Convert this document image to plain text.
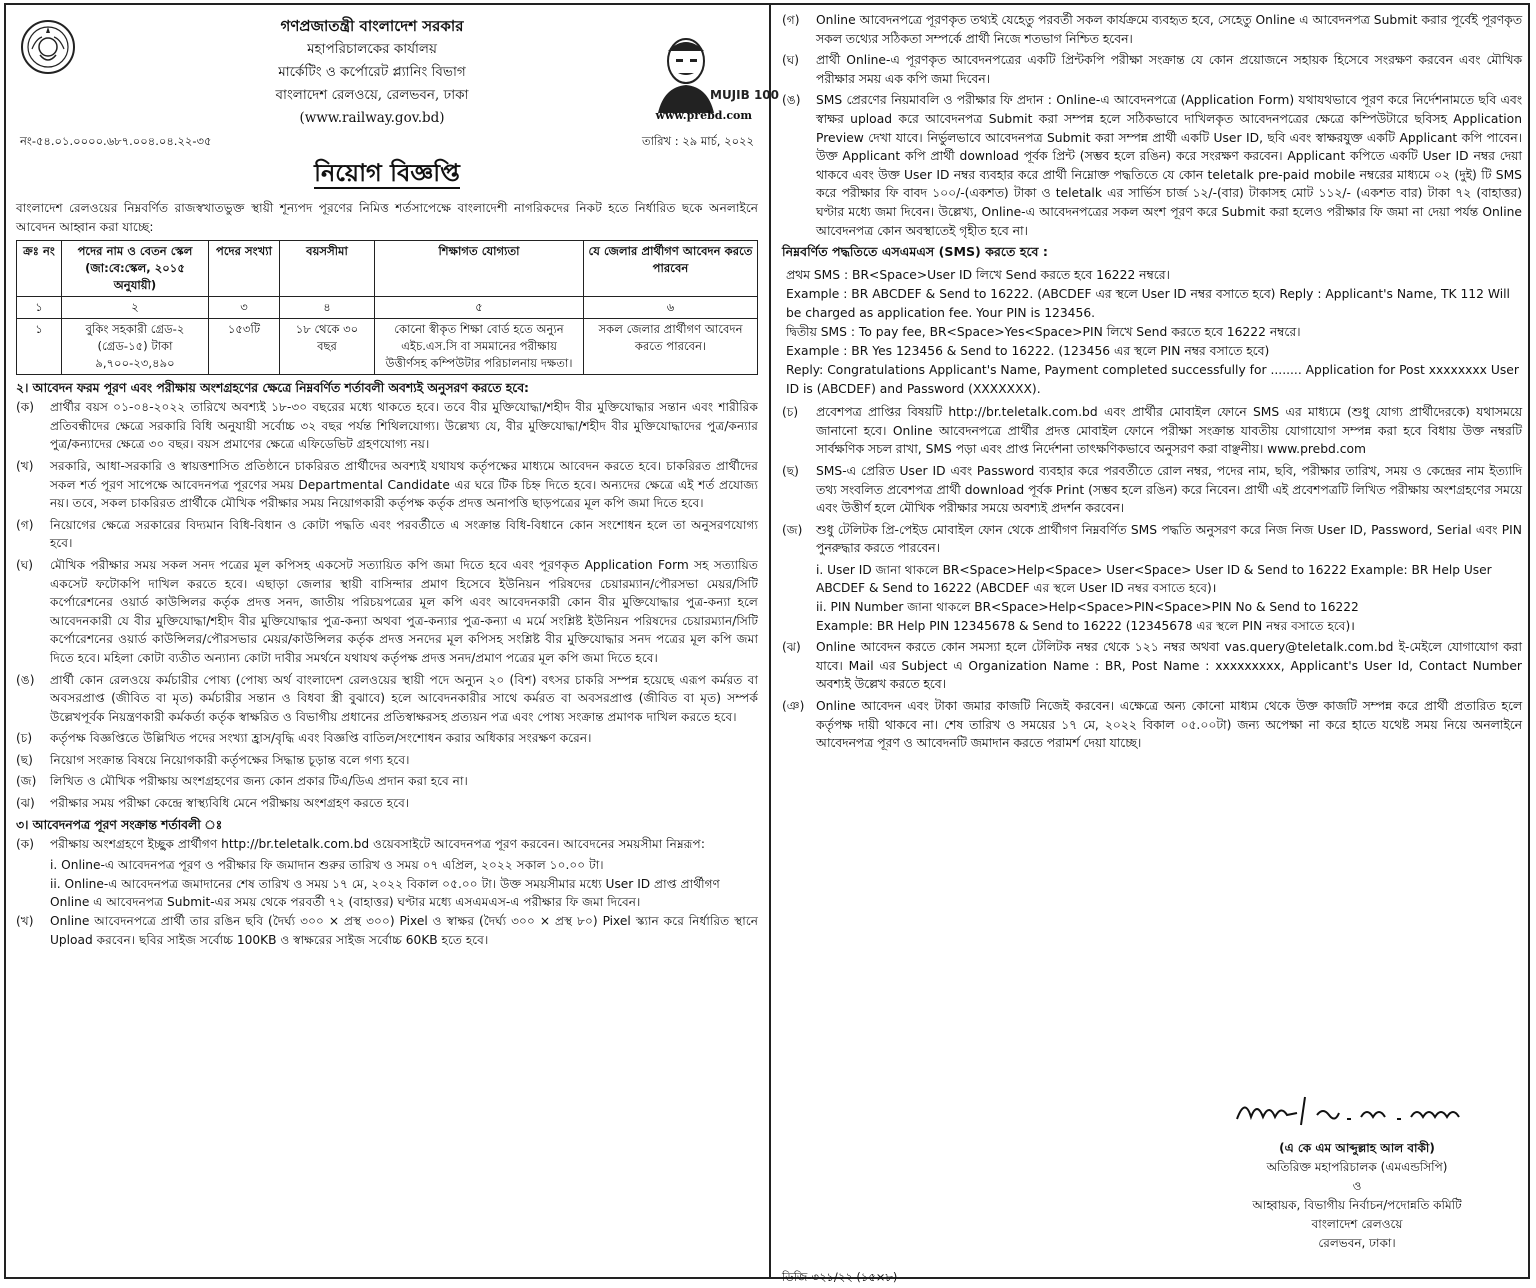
গণপ্রজাতন্ত্রী বাংলাদেশ সরকার
মহাপরিচালকের কার্যালয়
মার্কেটিং ও কর্পোরেট প্ল্যানিং বিভাগ
বাংলাদেশ রেলওয়ে, রেলভবন, ঢাকা
(www.railway.gov.bd)
MUJIB 100
www.prebd.com
নং-৫৪.০১.০০০০.৬৮৭.০০৪.০৪.২২-৩৫	তারিখ : ২৯ মার্চ, ২০২২
নিয়োগ বিজ্ঞপ্তি

বাংলাদেশ রেলওয়ের নিম্নবর্ণিত রাজস্বখাতভুক্ত স্থায়ী শূন্যপদ পূরণের নিমিত্ত শর্তসাপেক্ষে বাংলাদেশী নাগরিকদের নিকট হতে নির্ধারিত ছকে অনলাইনে আবেদন আহ্বান করা যাচ্ছে:

ক্রঃ নং	পদের নাম ও বেতন স্কেল (জা:বে:স্কেল, ২০১৫ অনুযায়ী)	পদের সংখ্যা	বয়সসীমা	শিক্ষাগত যোগ্যতা	যে জেলার প্রার্থীগণ আবেদন করতে পারবেন
১	২	৩	৪	৫	৬
১	বুকিং সহকারী গ্রেড-২ (গ্রেড-১৫) টাকা ৯,৭০০-২৩,৪৯০	১৫৩টি	১৮ থেকে ৩০ বছর	কোনো স্বীকৃত শিক্ষা বোর্ড হতে অন্যুন এইচ.এস.সি বা সমমানের পরীক্ষায় উত্তীর্ণসহ কম্পিউটার পরিচালনায় দক্ষতা।	সকল জেলার প্রার্থীগণ আবেদন করতে পারবেন।
২। আবেদন ফরম পূরণ এবং পরীক্ষায় অংশগ্রহণের ক্ষেত্রে নিম্নবর্ণিত শর্তাবলী অবশ্যই অনুসরণ করতে হবে:
(ক)	প্রার্থীর বয়স ০১-০৪-২০২২ তারিখে অবশ্যই ১৮-৩০ বছরের মধ্যে থাকতে হবে। তবে বীর মুক্তিযোদ্ধা/শহীদ বীর মুক্তিযোদ্ধার সন্তান এবং শারীরিক প্রতিবন্ধীদের ক্ষেত্রে সরকারি বিধি অনুযায়ী সর্বোচ্চ ৩২ বছর পর্যন্ত শিথিলযোগ্য। উল্লেখ্য যে, বীর মুক্তিযোদ্ধা/শহীদ বীর মুক্তিযোদ্ধাদের পুত্র/কন্যার পুত্র/কন্যাদের ক্ষেত্রে ৩০ বছর। বয়স প্রমাণের ক্ষেত্রে এফিডেভিট গ্রহণযোগ্য নয়।
(খ)	সরকারি, আধা-সরকারি ও স্বায়ত্তশাসিত প্রতিষ্ঠানে চাকরিরত প্রার্থীদের অবশ্যই যথাযথ কর্তৃপক্ষের মাধ্যমে আবেদন করতে হবে। চাকরিরত প্রার্থীদের সকল শর্ত পূরণ সাপেক্ষে আবেদনপত্র পূরণের সময় Departmental Candidate এর ঘরে টিক চিহ্ন দিতে হবে। অন্যদের ক্ষেত্রে এই শর্ত প্রযোজ্য নয়। তবে, সকল চাকরিরত প্রার্থীকে মৌখিক পরীক্ষার সময় নিয়োগকারী কর্তৃপক্ষ কর্তৃক প্রদত্ত অনাপত্তি ছাড়পত্রের মূল কপি জমা দিতে হবে।
(গ)	নিয়োগের ক্ষেত্রে সরকারের বিদ্যমান বিধি-বিধান ও কোটা পদ্ধতি এবং পরবর্তীতে এ সংক্রান্ত বিধি-বিধানে কোন সংশোধন হলে তা অনুসরণযোগ্য হবে।
(ঘ)	মৌখিক পরীক্ষার সময় সকল সনদ পত্রের মূল কপিসহ একসেট সত্যায়িত কপি জমা দিতে হবে এবং পূরণকৃত Application Form সহ সত্যায়িত একসেট ফটোকপি দাখিল করতে হবে। এছাড়া জেলার স্থায়ী বাসিন্দার প্রমাণ হিসেবে ইউনিয়ন পরিষদের চেয়ারম্যান/পৌরসভা মেয়র/সিটি কর্পোরেশনের ওয়ার্ড কাউন্সিলর কর্তৃক প্রদত্ত সনদ, জাতীয় পরিচয়পত্রের মূল কপি এবং আবেদনকারী কোন বীর মুক্তিযোদ্ধার পুত্র-কন্যা হলে আবেদনকারী যে বীর মুক্তিযোদ্ধা/শহীদ বীর মুক্তিযোদ্ধার পুত্র-কন্যা অথবা পুত্র-কন্যার পুত্র-কন্যা এ মর্মে সংশ্লিষ্ট ইউনিয়ন পরিষদের চেয়ারম্যান/সিটি কর্পোরেশনের ওয়ার্ড কাউন্সিলর/পৌরসভার মেয়র/কাউন্সিলর কর্তৃক প্রদত্ত সনদের মূল কপিসহ সংশ্লিষ্ট বীর মুক্তিযোদ্ধার সনদ পত্রের মূল কপি জমা দিতে হবে। মহিলা কোটা ব্যতীত অন্যান্য কোটা দাবীর সমর্থনে যথাযথ কর্তৃপক্ষ প্রদত্ত সনদ/প্রমাণ পত্রের মূল কপি জমা দিতে হবে।
(ঙ)	প্রার্থী কোন রেলওয়ে কর্মচারীর পোষ্য (পোষ্য অর্থ বাংলাদেশ রেলওয়ের স্থায়ী পদে অন্যুন ২০ (বিশ) বৎসর চাকরি সম্পন্ন হয়েছে এরূপ কর্মরত বা অবসরপ্রাপ্ত (জীবিত বা মৃত) কর্মচারীর সন্তান ও বিধবা স্ত্রী বুঝাবে) হলে আবেদনকারীর সাথে কর্মরত বা অবসরপ্রাপ্ত (জীবিত বা মৃত) সম্পর্ক উল্লেখপূর্বক নিয়ন্ত্রণকারী কর্মকর্তা কর্তৃক স্বাক্ষরিত ও বিভাগীয় প্রধানের প্রতিস্বাক্ষরসহ প্রত্যয়ন পত্র এবং পোষ্য সংক্রান্ত প্রমাণক দাখিল করতে হবে।
(চ)	কর্তৃপক্ষ বিজ্ঞপ্তিতে উল্লিখিত পদের সংখ্যা হ্রাস/বৃদ্ধি এবং বিজ্ঞপ্তি বাতিল/সংশোধন করার অধিকার সংরক্ষণ করেন।
(ছ)	নিয়োগ সংক্রান্ত বিষয়ে নিয়োগকারী কর্তৃপক্ষের সিদ্ধান্ত চূড়ান্ত বলে গণ্য হবে।
(জ)	লিখিত ও মৌখিক পরীক্ষায় অংশগ্রহণের জন্য কোন প্রকার টিএ/ডিএ প্রদান করা হবে না।
(ঝ)	পরীক্ষার সময় পরীক্ষা কেন্দ্রে স্বাস্থ্যবিধি মেনে পরীক্ষায় অংশগ্রহণ করতে হবে।
৩। আবেদনপত্র পূরণ সংক্রান্ত শর্তাবলী ঃ
(ক)	পরীক্ষায় অংশগ্রহণে ইচ্ছুক প্রার্থীগণ http://br.teletalk.com.bd ওয়েবসাইটে আবেদনপত্র পূরণ করবেন। আবেদনের সময়সীমা নিম্নরূপ:

i. Online-এ আবেদনপত্র পূরণ ও পরীক্ষার ফি জমাদান শুরুর তারিখ ও সময় ০৭ এপ্রিল, ২০২২ সকাল ১০.০০ টা।

ii. Online-এ আবেদনপত্র জমাদানের শেষ তারিখ ও সময় ১৭ মে, ২০২২ বিকাল ০৫.০০ টা। উক্ত সময়সীমার মধ্যে User ID প্রাপ্ত প্রার্থীগণ Online এ আবেদনপত্র Submit-এর সময় থেকে পরবর্তী ৭২ (বাহাত্তর) ঘণ্টার মধ্যে এসএমএস-এ পরীক্ষার ফি জমা দিবেন।

(খ)	Online আবেদনপত্রে প্রার্থী তার রঙিন ছবি (দৈর্ঘ্য ৩০০ × প্রস্থ ৩০০) Pixel ও স্বাক্ষর (দৈর্ঘ্য ৩০০ × প্রস্থ ৮০) Pixel স্ক্যান করে নির্ধারিত স্থানে Upload করবেন। ছবির সাইজ সর্বোচ্চ 100KB ও স্বাক্ষরের সাইজ সর্বোচ্চ 60KB হতে হবে।
(গ)	Online আবেদনপত্রে পূরণকৃত তথ্যই যেহেতু পরবর্তী সকল কার্যক্রমে ব্যবহৃত হবে, সেহেতু Online এ আবেদনপত্র Submit করার পূর্বেই পূরণকৃত সকল তথ্যের সঠিকতা সম্পর্কে প্রার্থী নিজে শতভাগ নিশ্চিত হবেন।
(ঘ)	প্রার্থী Online-এ পূরণকৃত আবেদনপত্রের একটি প্রিন্টকপি পরীক্ষা সংক্রান্ত যে কোন প্রয়োজনে সহায়ক হিসেবে সংরক্ষণ করবেন এবং মৌখিক পরীক্ষার সময় এক কপি জমা দিবেন।
(ঙ)	SMS প্রেরণের নিয়মাবলি ও পরীক্ষার ফি প্রদান : Online-এ আবেদনপত্রে (Application Form) যথাযথভাবে পূরণ করে নির্দেশনামতে ছবি এবং স্বাক্ষর upload করে আবেদনপত্র Submit করা সম্পন্ন হলে সঠিকভাবে দাখিলকৃত আবেদনপত্রের ক্ষেত্রে কম্পিউটারে ছবিসহ Application Preview দেখা যাবে। নির্ভুলভাবে আবেদনপত্র Submit করা সম্পন্ন প্রার্থী একটি User ID, ছবি এবং স্বাক্ষরযুক্ত একটি Applicant কপি পাবেন। উক্ত Applicant কপি প্রার্থী download পূর্বক প্রিন্ট (সম্ভব হলে রঙিন) করে সংরক্ষণ করবেন। Applicant কপিতে একটি User ID নম্বর দেয়া থাকবে এবং উক্ত User ID নম্বর ব্যবহার করে প্রার্থী নিম্নোক্ত পদ্ধতিতে যে কোন teletalk pre-paid mobile নম্বরের মাধ্যমে ০২ (দুই) টি SMS করে পরীক্ষার ফি বাবদ ১০০/-(একশত) টাকা ও teletalk এর সার্ভিস চার্জ ১২/-(বার) টাকাসহ মোট ১১২/- (একশত বার) টাকা ৭২ (বাহাত্তর) ঘণ্টার মধ্যে জমা দিবেন। উল্লেখ্য, Online-এ আবেদনপত্রের সকল অংশ পূরণ করে Submit করা হলেও পরীক্ষার ফি জমা না দেয়া পর্যন্ত Online আবেদনপত্র কোন অবস্থাতেই গৃহীত হবে না।
নিম্নবর্ণিত পদ্ধতিতে এসএমএস (SMS) করতে হবে :
প্রথম SMS : BR<Space>User ID লিখে Send করতে হবে 16222 নম্বরে।
Example : BR ABCDEF & Send to 16222. (ABCDEF এর স্থলে User ID নম্বর বসাতে হবে) Reply : Applicant's Name, TK 112 Will be charged as application fee. Your PIN is 123456.
দ্বিতীয় SMS : To pay fee, BR<Space>Yes<Space>PIN লিখে Send করতে হবে 16222 নম্বরে।
Example : BR Yes 123456 & Send to 16222. (123456 এর স্থলে PIN নম্বর বসাতে হবে)
Reply: Congratulations Applicant's Name, Payment completed successfully for ........ Application for Post xxxxxxxx User ID is (ABCDEF) and Password (XXXXXXX).
(চ)	প্রবেশপত্র প্রাপ্তির বিষয়টি http://br.teletalk.com.bd এবং প্রার্থীর মোবাইল ফোনে SMS এর মাধ্যমে (শুধু যোগ্য প্রার্থীদেরকে) যথাসময়ে জানানো হবে। Online আবেদনপত্রে প্রার্থীর প্রদত্ত মোবাইল ফোনে পরীক্ষা সংক্রান্ত যাবতীয় যোগাযোগ সম্পন্ন করা হবে বিধায় উক্ত নম্বরটি সার্বক্ষণিক সচল রাখা, SMS পড়া এবং প্রাপ্ত নির্দেশনা তাৎক্ষণিকভাবে অনুসরণ করা বাঞ্ছনীয়। www.prebd.com
(ছ)	SMS-এ প্রেরিত User ID এবং Password ব্যবহার করে পরবর্তীতে রোল নম্বর, পদের নাম, ছবি, পরীক্ষার তারিখ, সময় ও কেন্দ্রের নাম ইত্যাদি তথ্য সংবলিত প্রবেশপত্র প্রার্থী download পূর্বক Print (সম্ভব হলে রঙিন) করে নিবেন। প্রার্থী এই প্রবেশপত্রটি লিখিত পরীক্ষায় অংশগ্রহণের সময়ে এবং উত্তীর্ণ হলে মৌখিক পরীক্ষার সময়ে অবশ্যই প্রদর্শন করবেন।
(জ)	শুধু টেলিটক প্রি-পেইড মোবাইল ফোন থেকে প্রার্থীগণ নিম্নবর্ণিত SMS পদ্ধতি অনুসরণ করে নিজ নিজ User ID, Password, Serial এবং PIN পুনরুদ্ধার করতে পারবেন।

i. User ID জানা থাকলে BR<Space>Help<Space> User<Space> User ID & Send to 16222 Example: BR Help User ABCDEF & Send to 16222 (ABCDEF এর স্থলে User ID নম্বর বসাতে হবে)।

ii. PIN Number জানা থাকলে BR<Space>Help<Space>PIN<Space>PIN No & Send to 16222

Example: BR Help PIN 12345678 & Send to 16222 (12345678 এর স্থলে PIN নম্বর বসাতে হবে)।

(ঝ)	Online আবেদন করতে কোন সমস্যা হলে টেলিটক নম্বর থেকে ১২১ নম্বর অথবা vas.query@teletalk.com.bd ই-মেইলে যোগাযোগ করা যাবে। Mail এর Subject এ Organization Name : BR, Post Name : xxxxxxxxx, Applicant's User Id, Contact Number অবশ্যই উল্লেখ করতে হবে।
(ঞ) Online আবেদন এবং টাকা জমার কাজটি নিজেই করবেন। এক্ষেত্রে অন্য কোনো মাধ্যম থেকে উক্ত কাজটি সম্পন্ন করে প্রার্থী প্রতারিত হলে কর্তৃপক্ষ দায়ী থাকবে না। শেষ তারিখ ও সময়ের ১৭ মে, ২০২২ বিকাল ০৫.০০টা) জন্য অপেক্ষা না করে হাতে যথেষ্ট সময় নিয়ে অনলাইনে আবেদনপত্র পূরণ ও আবেদনটি জমাদান করতে পরামর্শ দেয়া যাচ্ছে।
(এ কে এম আব্দুল্লাহ আল বাকী)
অতিরিক্ত মহাপরিচালক (এমএন্ডসিপি)
ও
আহ্বায়ক, বিভাগীয় নির্বাচন/পদোন্নতি কমিটি
বাংলাদেশ রেলওয়ে
রেলভবন, ঢাকা।
ডিজি-৩২১/২২ (১৫×৮)
